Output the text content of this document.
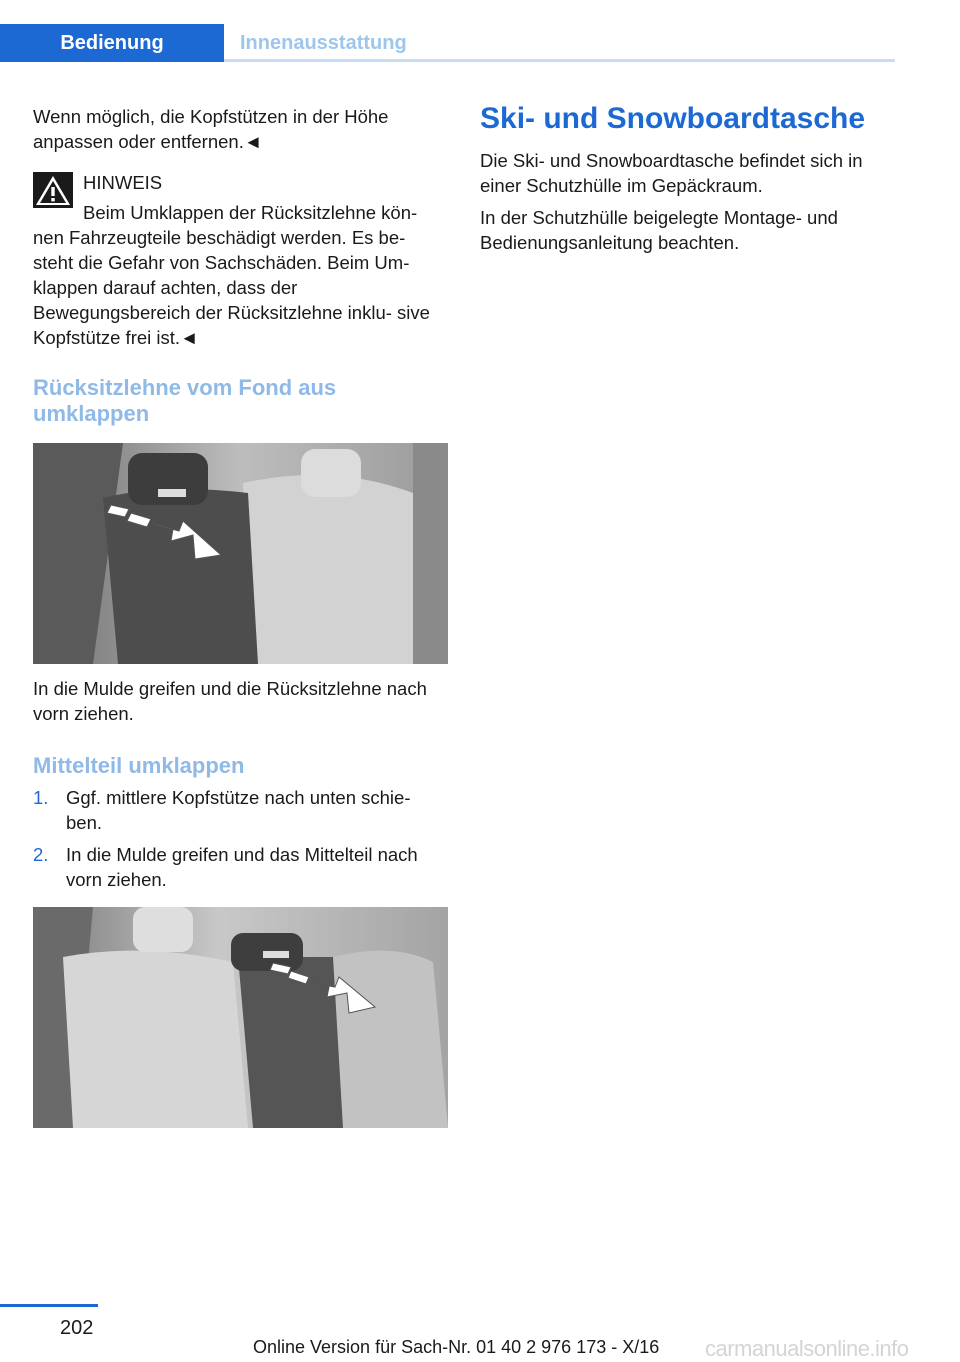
Bedienung	Innenausstattung

Wenn möglich, die Kopfstützen in der Höhe anpassen oder entfernen.◄

HINWEIS

Beim Umklappen der Rücksitzlehne kön-

nen Fahrzeugteile beschädigt werden. Es be- steht die Gefahr von Sachschäden. Beim Um- klappen darauf achten, dass der Bewegungsbereich der Rücksitzlehne inklu- sive Kopfstütze frei ist.◄

Rücksitzlehne vom Fond aus umklappen

In die Mulde greifen und die Rücksitzlehne nach vorn ziehen.

Mittelteil umklappen
1. Ggf. mittlere Kopfstütze nach unten schie- ben.
2. In die Mulde greifen und das Mittelteil nach vorn ziehen.
Ski- und Snowboardtasche

Die Ski- und Snowboardtasche befindet sich in einer Schutzhülle im Gepäckraum.

In der Schutzhülle beigelegte Montage- und Bedienungsanleitung beachten.

202
Online Version für Sach-Nr. 01 40 2 976 173 - X/16 carmanualsonline.info
